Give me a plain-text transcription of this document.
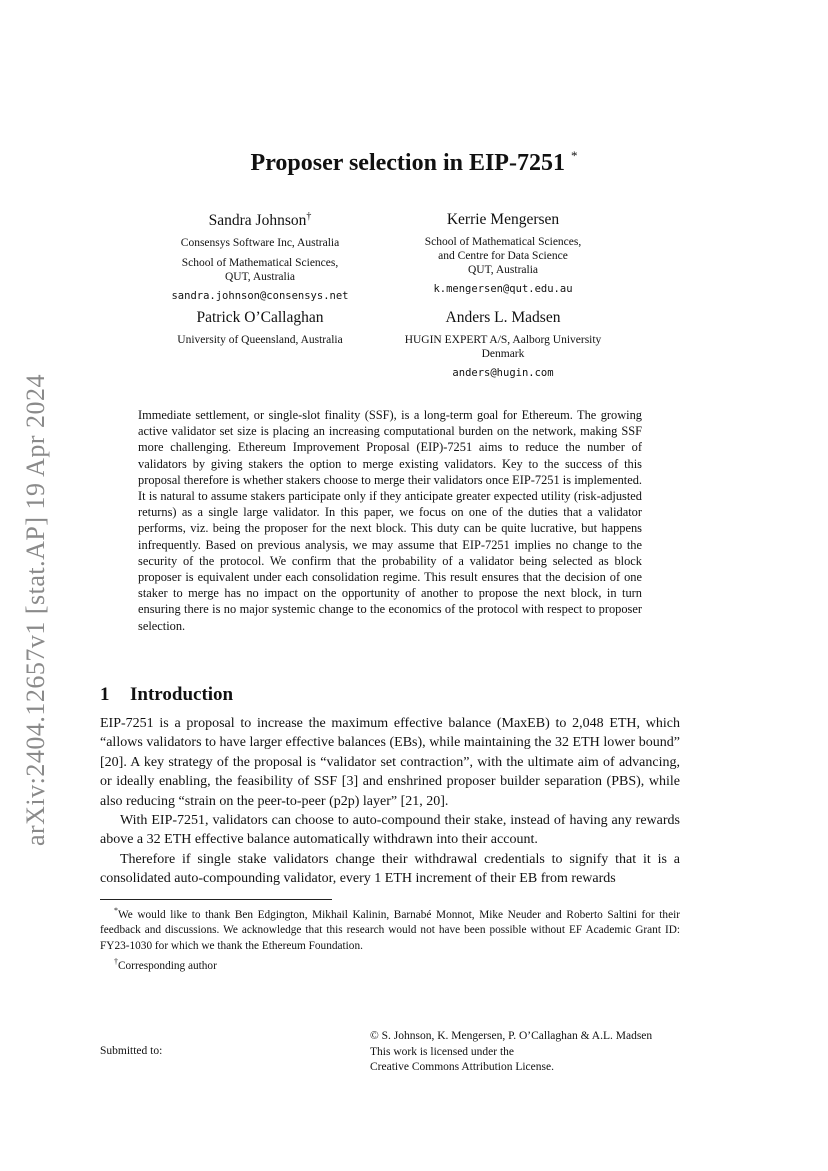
arXiv:2404.12657v1 [stat.AP] 19 Apr 2024
Proposer selection in EIP-7251 *
Sandra Johnson†
Consensys Software Inc, Australia
School of Mathematical Sciences,
QUT, Australia
sandra.johnson@consensys.net
Kerrie Mengersen
School of Mathematical Sciences,
and Centre for Data Science
QUT, Australia
k.mengersen@qut.edu.au
Patrick O’Callaghan
University of Queensland, Australia
Anders L. Madsen
HUGIN EXPERT A/S, Aalborg University
Denmark
anders@hugin.com
Immediate settlement, or single-slot finality (SSF), is a long-term goal for Ethereum. The growing active validator set size is placing an increasing computational burden on the network, making SSF more challenging. Ethereum Improvement Proposal (EIP)-7251 aims to reduce the number of validators by giving stakers the option to merge existing validators. Key to the success of this proposal therefore is whether stakers choose to merge their validators once EIP-7251 is implemented. It is natural to assume stakers participate only if they anticipate greater expected utility (risk-adjusted returns) as a single large validator. In this paper, we focus on one of the duties that a validator performs, viz. being the proposer for the next block. This duty can be quite lucrative, but happens infrequently. Based on previous analysis, we may assume that EIP-7251 implies no change to the security of the protocol. We confirm that the probability of a validator being selected as block proposer is equivalent under each consolidation regime. This result ensures that the decision of one staker to merge has no impact on the opportunity of another to propose the next block, in turn ensuring there is no major systemic change to the economics of the protocol with respect to proposer selection.
1 Introduction

EIP-7251 is a proposal to increase the maximum effective balance (MaxEB) to 2,048 ETH, which “allows validators to have larger effective balances (EBs), while maintaining the 32 ETH lower bound” [20]. A key strategy of the proposal is “validator set contraction”, with the ultimate aim of advancing, or ideally enabling, the feasibility of SSF [3] and enshrined proposer builder separation (PBS), while also reducing “strain on the peer-to-peer (p2p) layer” [21, 20].

With EIP-7251, validators can choose to auto-compound their stake, instead of having any rewards above a 32 ETH effective balance automatically withdrawn into their account.

Therefore if single stake validators change their withdrawal credentials to signify that it is a consolidated auto-compounding validator, every 1 ETH increment of their EB from rewards

*We would like to thank Ben Edgington, Mikhail Kalinin, Barnabé Monnot, Mike Neuder and Roberto Saltini for their feedback and discussions. We acknowledge that this research would not have been possible without EF Academic Grant ID: FY23-1030 for which we thank the Ethereum Foundation.

†Corresponding author

Submitted to:
© S. Johnson, K. Mengersen, P. O’Callaghan & A.L. Madsen
This work is licensed under the
Creative Commons Attribution License.
